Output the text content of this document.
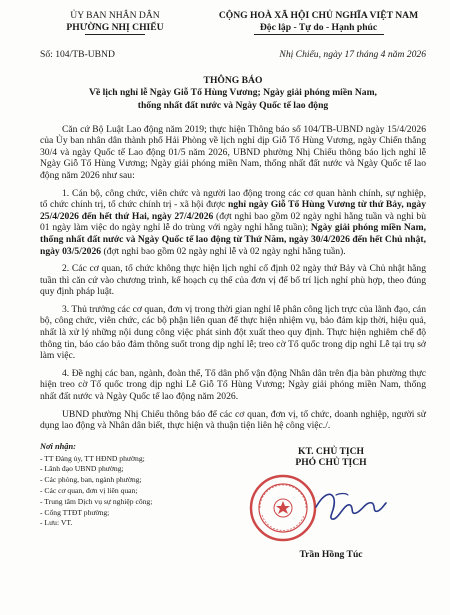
ỦY BAN NHÂN DÂN
PHƯỜNG NHỊ CHIỂU
CỘNG HOÀ XÃ HỘI CHỦ NGHĨA VIỆT NAM
Độc lập - Tự do - Hạnh phúc
Số: 104/TB-UBND	Nhị Chiểu, ngày 17 tháng 4 năm 2026
THÔNG BÁO
Về lịch nghỉ lễ Ngày Giỗ Tổ Hùng Vương; Ngày giải phóng miền Nam,
thống nhất đất nước và Ngày Quốc tế lao động

Căn cứ Bộ Luật Lao động năm 2019; thực hiện Thông báo số 104/TB-UBND ngày 15/4/2026 của Ủy ban nhân dân thành phố Hải Phòng về lịch nghỉ dịp Giỗ Tổ Hùng Vương, ngày Chiến thắng 30/4 và ngày Quốc tế Lao động 01/5 năm 2026, UBND phường Nhị Chiểu thông báo lịch nghỉ lễ Ngày Giỗ Tổ Hùng Vương; Ngày giải phóng miền Nam, thống nhất đất nước và Ngày Quốc tế lao động năm 2026 như sau:

1. Cán bộ, công chức, viên chức và người lao động trong các cơ quan hành chính, sự nghiệp, tổ chức chính trị, tổ chức chính trị - xã hội được nghỉ ngày Giỗ Tổ Hùng Vương từ thứ Bảy, ngày 25/4/2026 đến hết thứ Hai, ngày 27/4/2026 (đợt nghỉ bao gồm 02 ngày nghỉ hằng tuần và nghỉ bù 01 ngày làm việc do ngày nghỉ lễ do trùng với ngày nghỉ hằng tuần); Ngày giải phóng miền Nam, thống nhất đất nước và Ngày Quốc tế lao động từ Thứ Năm, ngày 30/4/2026 đến hết Chủ nhật, ngày 03/5/2026 (đợt nghỉ bao gồm 02 ngày nghỉ lễ và 02 ngày nghỉ hằng tuần).

2. Các cơ quan, tổ chức không thực hiện lịch nghỉ cố định 02 ngày thứ Bảy và Chủ nhật hằng tuần thì căn cứ vào chương trình, kế hoạch cụ thể của đơn vị để bố trí lịch nghỉ phù hợp, theo đúng quy định pháp luật.

3. Thủ trưởng các cơ quan, đơn vị trong thời gian nghỉ lễ phân công lịch trực của lãnh đạo, cán bộ, công chức, viên chức, các bộ phận liên quan để thực hiện nhiệm vụ, bảo đảm kịp thời, hiệu quả, nhất là xử lý những nội dung công việc phát sinh đột xuất theo quy định. Thực hiện nghiêm chế độ thông tin, báo cáo bảo đảm thông suốt trong dịp nghỉ lễ; treo cờ Tổ quốc trong dịp nghỉ Lễ tại trụ sở làm việc.

4. Đề nghị các ban, ngành, đoàn thể, Tổ dân phố vận động Nhân dân trên địa bàn phường thực hiện treo cờ Tổ quốc trong dịp nghỉ Lễ Giỗ Tổ Hùng Vương; Ngày giải phóng miền Nam, thống nhất đất nước và Ngày Quốc tế lao động năm 2026.

UBND phường Nhị Chiểu thông báo để các cơ quan, đơn vị, tổ chức, doanh nghiệp, người sử dụng lao động và Nhân dân biết, thực hiện và thuận tiện liên hệ công việc./.

Nơi nhận:
- TT Đảng ủy, TT HĐND phường;
- Lãnh đạo UBND phường;
- Các phòng, ban, ngành phường;
- Các cơ quan, đơn vị liên quan;
- Trung tâm Dịch vụ sự nghiệp công;
- Cổng TTĐT phường;
- Lưu: VT.
KT. CHỦ TỊCH
PHÓ CHỦ TỊCH
Trần Hồng Túc
